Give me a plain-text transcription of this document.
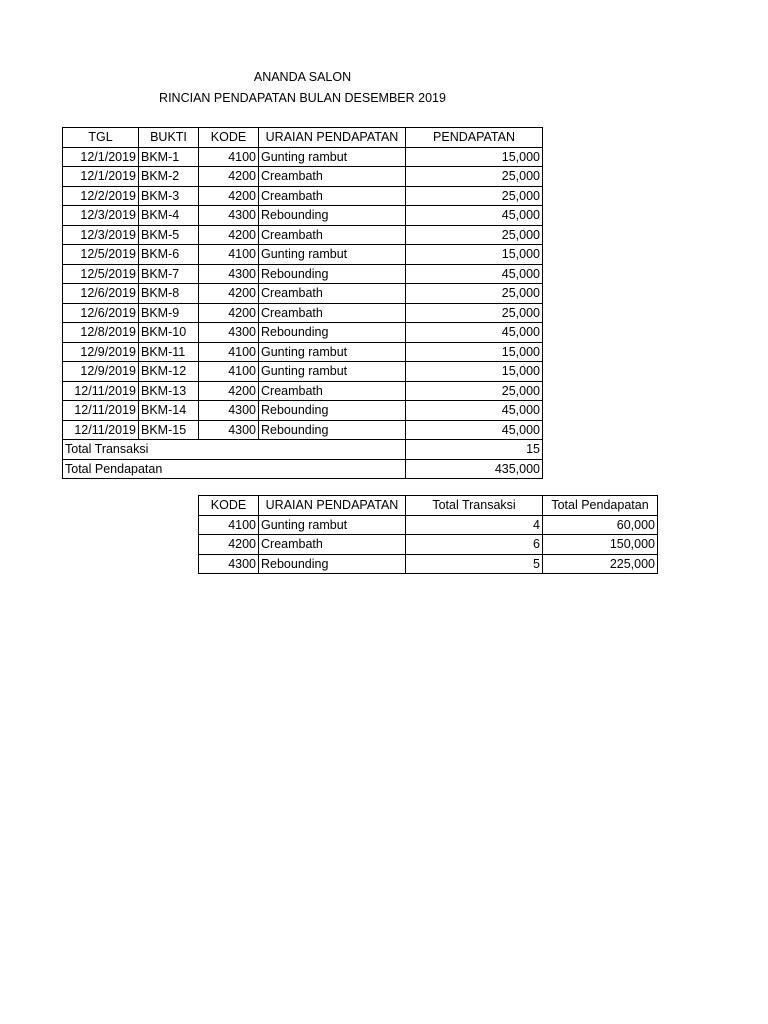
ANANDA SALON
RINCIAN PENDAPATAN BULAN DESEMBER 2019
TGL	BUKTI	KODE	URAIAN PENDAPATAN	PENDAPATAN
12/1/2019	BKM-1	4100	Gunting rambut	15,000
12/1/2019	BKM-2	4200	Creambath	25,000
12/2/2019	BKM-3	4200	Creambath	25,000
12/3/2019	BKM-4	4300	Rebounding	45,000
12/3/2019	BKM-5	4200	Creambath	25,000
12/5/2019	BKM-6	4100	Gunting rambut	15,000
12/5/2019	BKM-7	4300	Rebounding	45,000
12/6/2019	BKM-8	4200	Creambath	25,000
12/6/2019	BKM-9	4200	Creambath	25,000
12/8/2019	BKM-10	4300	Rebounding	45,000
12/9/2019	BKM-11	4100	Gunting rambut	15,000
12/9/2019	BKM-12	4100	Gunting rambut	15,000
12/11/2019	BKM-13	4200	Creambath	25,000
12/11/2019	BKM-14	4300	Rebounding	45,000
12/11/2019	BKM-15	4300	Rebounding	45,000
Total Transaksi				15
Total Pendapatan				435,000
KODE	URAIAN PENDAPATAN	Total Transaksi	Total Pendapatan
4100	Gunting rambut	4	60,000
4200	Creambath	6	150,000
4300	Rebounding	5	225,000
